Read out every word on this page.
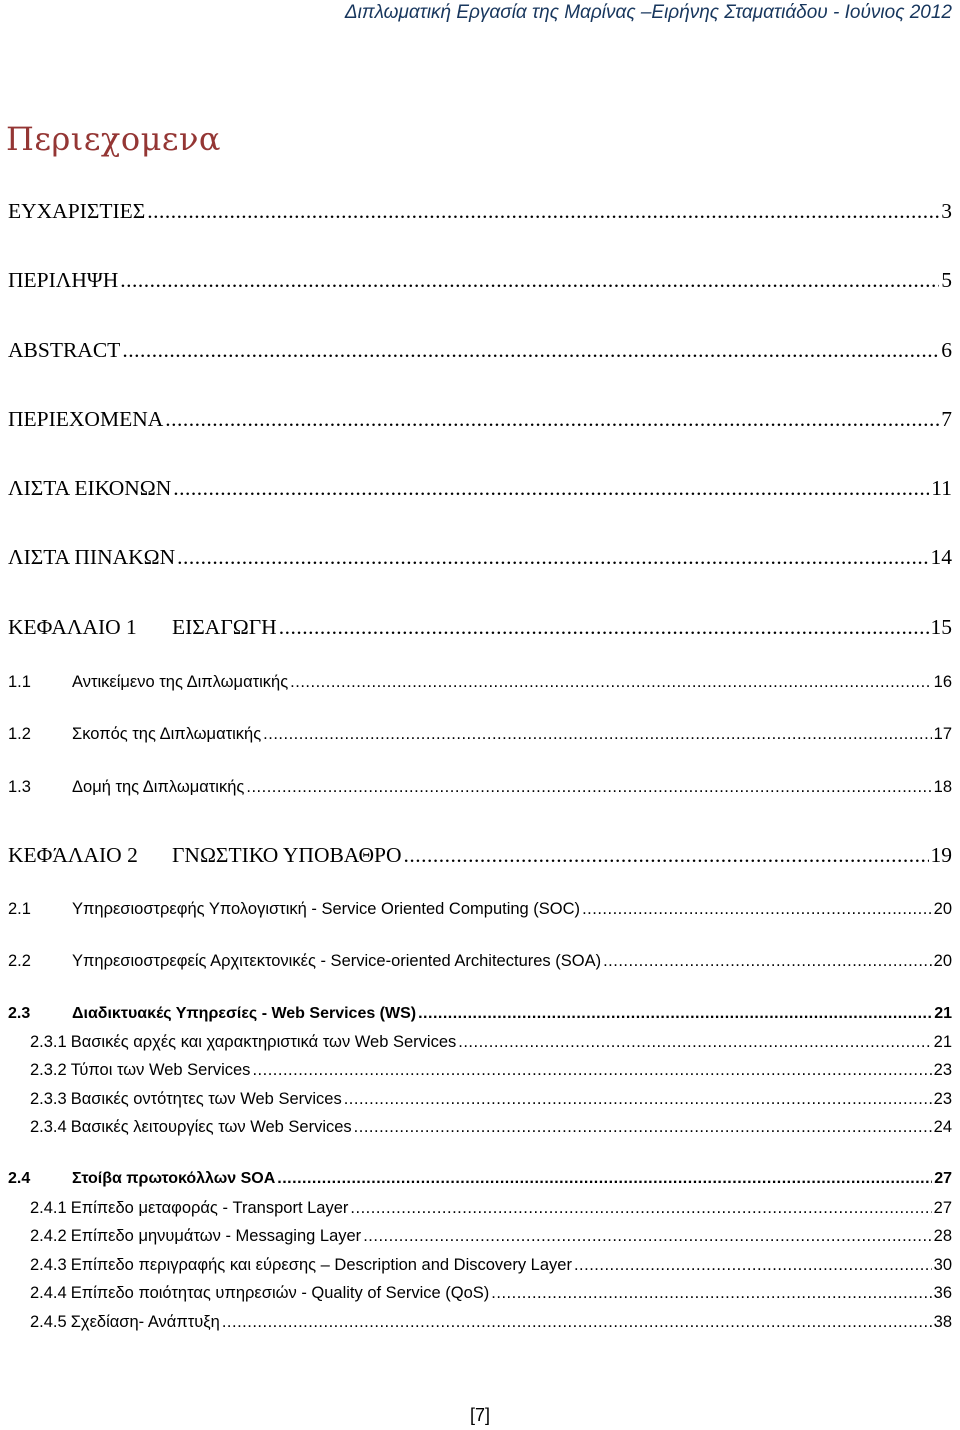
Διπλωματική Εργασία της Μαρίνας –Ειρήνης Σταματιάδου - Ιούνιος 2012
Περιεχομενα
ΕΥΧΑΡΙΣΤΙΕΣ .....	3
ΠΕΡΙΛΗΨΗ .....	5
ABSTRACT .....	6
ΠΕΡΙΕΧΟΜΕΝΑ .....	7
ΛΙΣΤΑ ΕΙΚΟΝΩΝ .....	11
ΛΙΣΤΑ ΠΙΝΑΚΩΝ .....	14
ΚΕΦΑΛΑΙΟ 1	ΕΙΣΑΓΩΓΗ .....	15
1.1	Αντικείμενο της Διπλωματικής .....	16
1.2	Σκοπός της Διπλωματικής .....	17
1.3	Δομή της Διπλωματικής .....	18
ΚΕΦΆΛΑΙΟ 2	ΓΝΩΣΤΙΚΟ ΥΠΟΒΑΘΡΟ .....	19
2.1	Υπηρεσιοστρεφής Υπολογιστική - Service Oriented Computing (SOC) .....	20
2.2	Υπηρεσιοστρεφείς Αρχιτεκτονικές - Service-oriented Architectures (SOA) .....	20
2.3	Διαδικτυακές Υπηρεσίες - Web Services (WS) .....	21
2.3.1 Βασικές αρχές και χαρακτηριστικά των Web Services .....	21
2.3.2 Τύποι των Web Services .....	23
2.3.3 Βασικές οντότητες των Web Services .....	23
2.3.4 Βασικές λειτουργίες των Web Services .....	24
2.4	Στοίβα πρωτοκόλλων SOA .....	27
2.4.1 Επίπεδο μεταφοράς - Transport Layer .....	27
2.4.2 Επίπεδο μηνυμάτων - Messaging Layer .....	28
2.4.3 Επίπεδο περιγραφής και εύρεσης – Description and Discovery Layer .....	30
2.4.4 Επίπεδο ποιότητας υπηρεσιών - Quality of Service (QoS) .....	36
2.4.5 Σχεδίαση- Ανάπτυξη .....	38
[7]
